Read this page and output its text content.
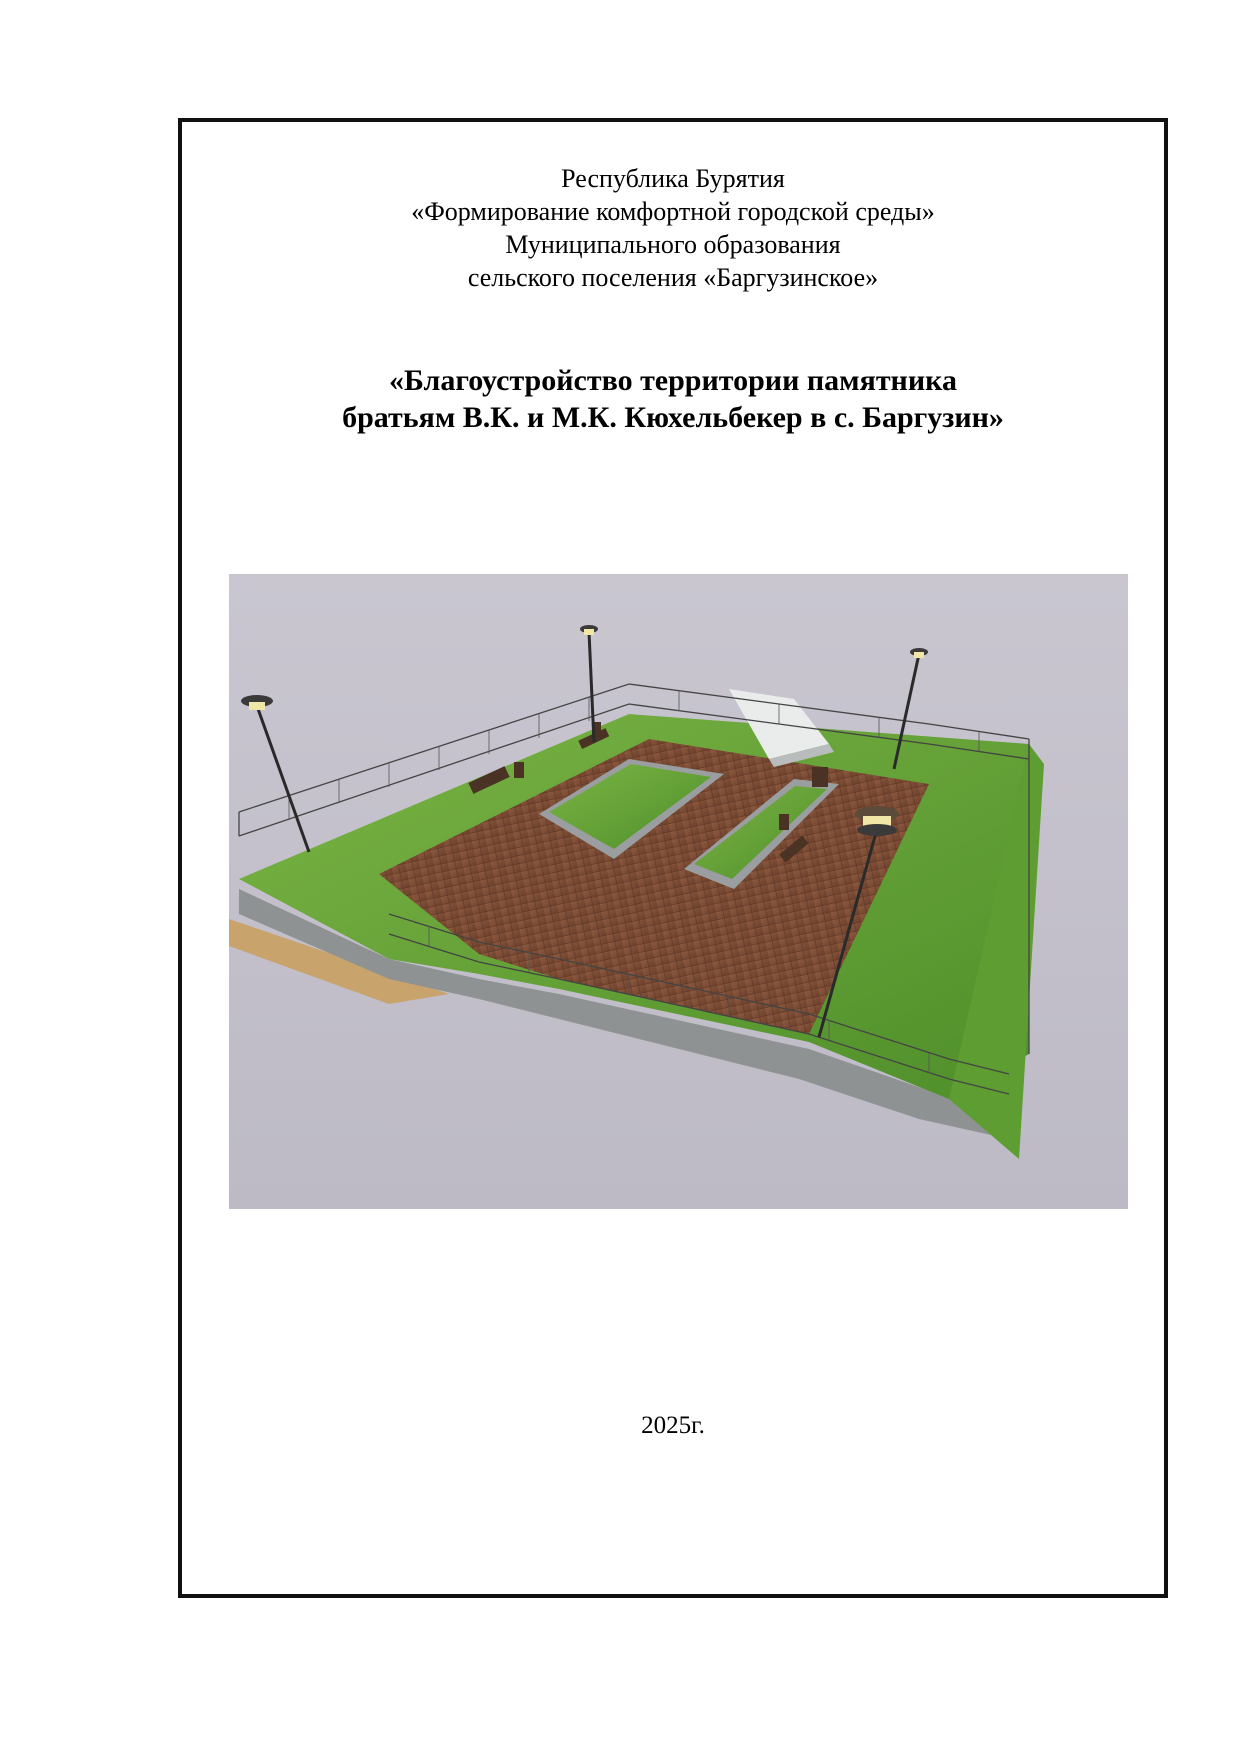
Республика Бурятия
«Формирование комфортной городской среды»
Муниципального образования
сельского поселения «Баргузинское»
«Благоустройство территории памятника
братьям В.К. и М.К. Кюхельбекер в с. Баргузин»
2025г.
